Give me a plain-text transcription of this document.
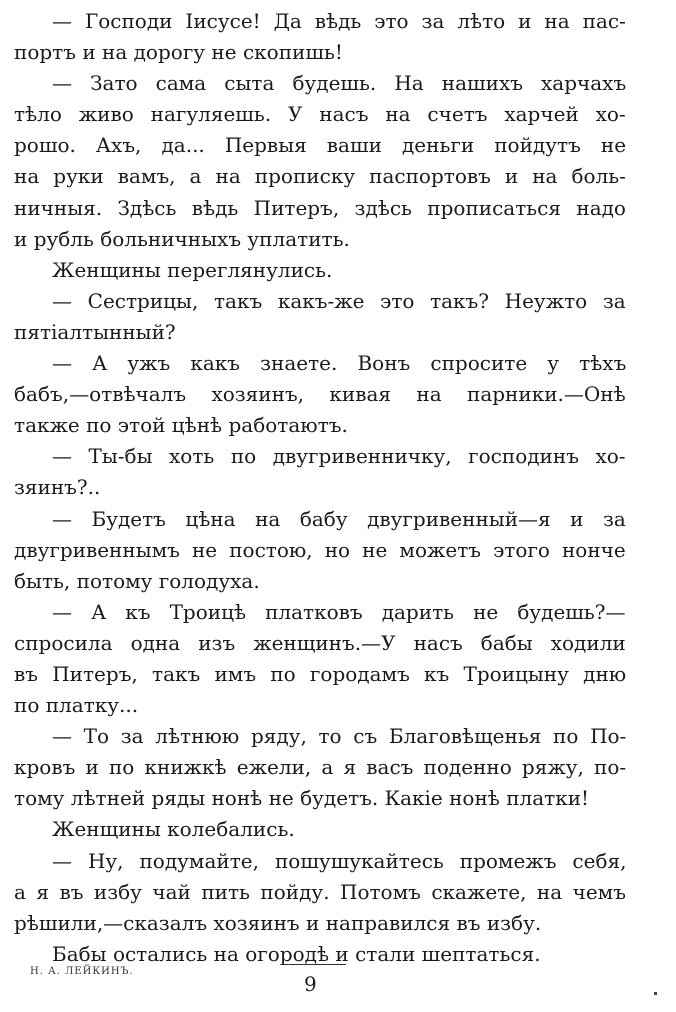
— Господи Iисусе! Да вѣдь это за лѣто и на пас-
портъ и на дорогу не скопишь!
— Зато сама сыта будешь. На нашихъ харчахъ
тѣло живо нагуляешь. У насъ на счетъ харчей хо-
рошо. Ахъ, да... Первыя ваши деньги пойдутъ не
на руки вамъ, а на прописку паспортовъ и на боль-
ничныя. Здѣсь вѣдь Питеръ, здѣсь прописаться надо
и рубль больничныхъ уплатить.
Женщины переглянулись.
— Сестрицы, такъ какъ-же это такъ? Неужто за
пятiалтынный?
— А ужъ какъ знаете. Вонъ спросите у тѣхъ
бабъ,—отвѣчалъ хозяинъ, кивая на парники.—Онѣ
также по этой цѣнѣ работаютъ.
— Ты-бы хоть по двугривенничку, господинъ хо-
зяинъ?..
— Будетъ цѣна на бабу двугривенный—я и за
двугривеннымъ не постою, но не можетъ этого нонче
быть, потому голодуха.
— А къ Троицѣ платковъ дарить не будешь?—
спросила одна изъ женщинъ.—У насъ бабы ходили
въ Питеръ, такъ имъ по городамъ къ Троицыну дню
по платку...
— То за лѣтнюю ряду, то съ Благовѣщенья по По-
кровъ и по книжкѣ ежели, а я васъ поденно ряжу, по-
тому лѣтней ряды нонѣ не будетъ. Какiе нонѣ платки!
Женщины колебались.
— Ну, подумайте, пошушукайтесь промежъ себя,
а я въ избу чай пить пойду. Потомъ скажете, на чемъ
рѣшили,—сказалъ хозяинъ и направился въ избу.
Бабы остались на огородѣ и стали шептаться.
Н. А. ЛЕЙКИНЪ.
9
